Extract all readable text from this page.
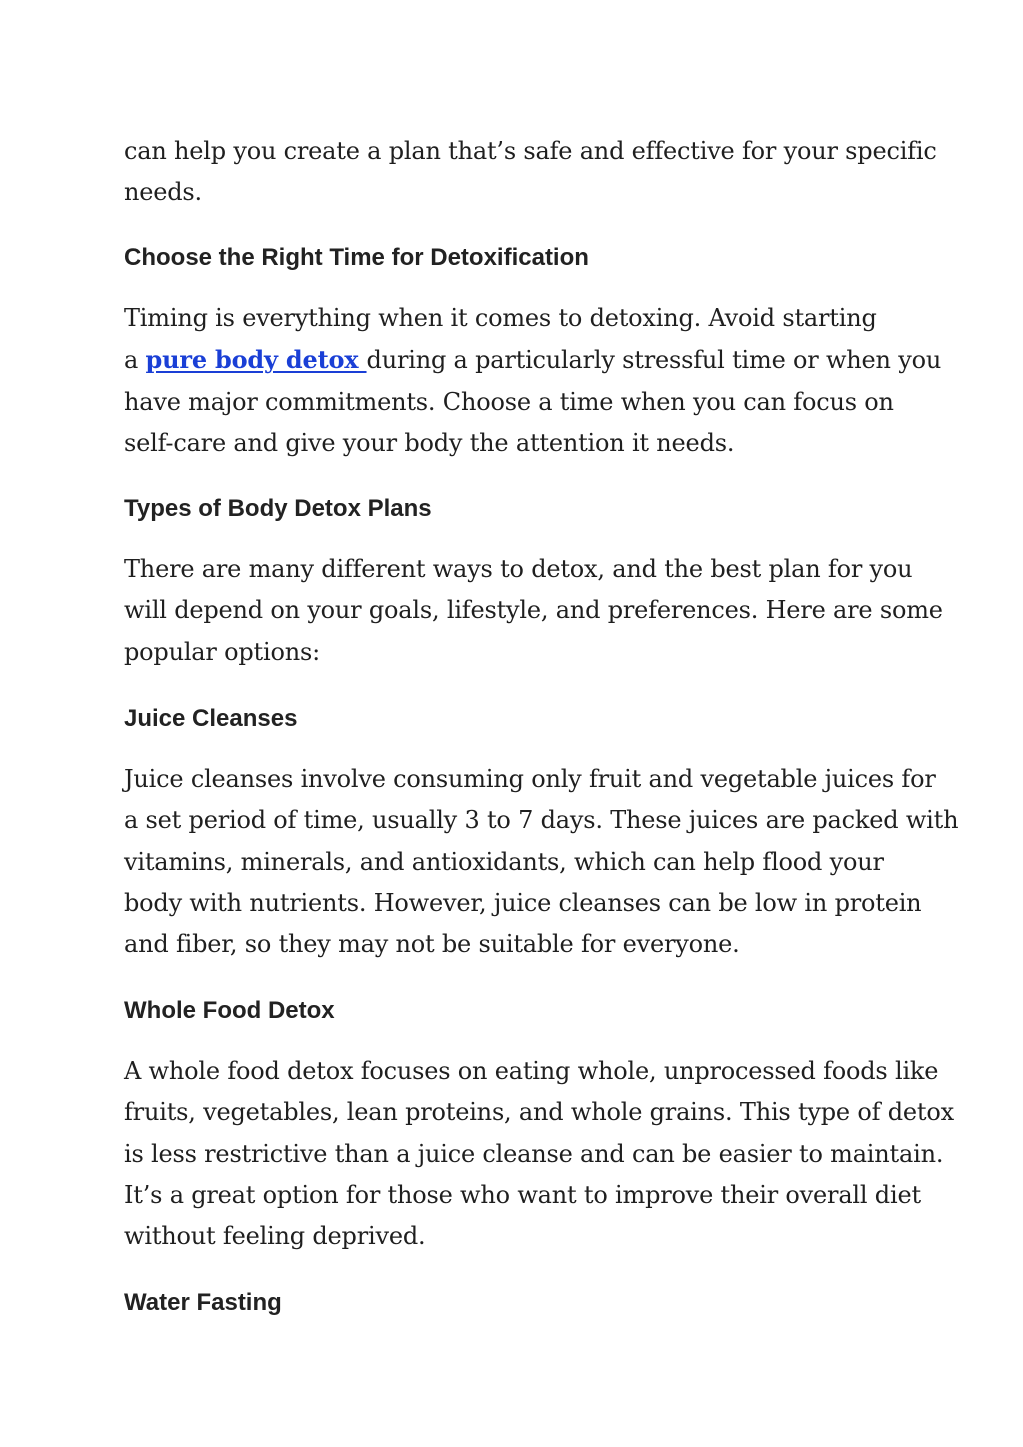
can help you create a plan that’s safe and effective for your specific
needs.

Choose the Right Time for Detoxification

Timing is everything when it comes to detoxing. Avoid starting
a pure body detox during a particularly stressful time or when you
have major commitments. Choose a time when you can focus on
self-care and give your body the attention it needs.

Types of Body Detox Plans

There are many different ways to detox, and the best plan for you
will depend on your goals, lifestyle, and preferences. Here are some
popular options:

Juice Cleanses

Juice cleanses involve consuming only fruit and vegetable juices for
a set period of time, usually 3 to 7 days. These juices are packed with
vitamins, minerals, and antioxidants, which can help flood your
body with nutrients. However, juice cleanses can be low in protein
and fiber, so they may not be suitable for everyone.

Whole Food Detox

A whole food detox focuses on eating whole, unprocessed foods like
fruits, vegetables, lean proteins, and whole grains. This type of detox
is less restrictive than a juice cleanse and can be easier to maintain.
It’s a great option for those who want to improve their overall diet
without feeling deprived.

Water Fasting
